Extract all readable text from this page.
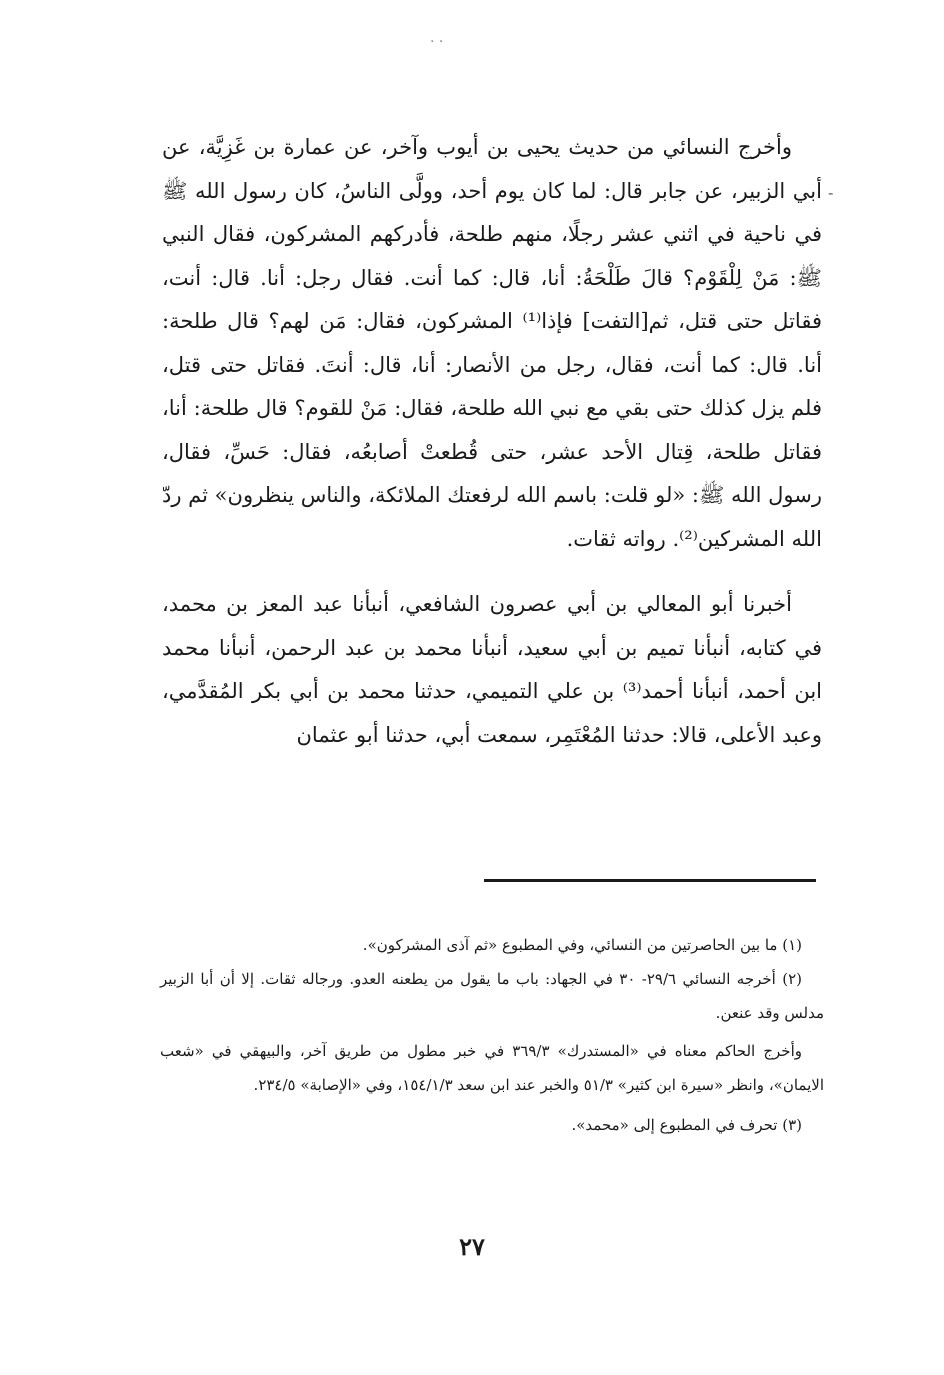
· ·
-

وأخرج النسائي من حديث يحيى بن أيوب وآخر، عن عمارة بن غَزِيَّة، عن أبي الزبير، عن جابر قال: لما كان يوم أحد، وولَّى الناسُ، كان رسول الله ﷺ في ناحية في اثني عشر رجلًا، منهم طلحة، فأدركهم المشركون، فقال النبي ﷺ: مَنْ لِلْقَوْم؟ قالَ طَلْحَةُ: أنا، قال: كما أنت. فقال رجل: أنا. قال: أنت، فقاتل حتى قتل، ثم[التفت] فإذا⁽¹⁾ المشركون، فقال: مَن لهم؟ قال طلحة: أنا. قال: كما أنت، فقال، رجل من الأنصار: أنا، قال: أنتَ. فقاتل حتى قتل، فلم يزل كذلك حتى بقي مع نبي الله طلحة، فقال: مَنْ للقوم؟ قال طلحة: أنا، فقاتل طلحة، قِتال الأحد عشر، حتى قُطعتْ أصابعُه، فقال: حَسِّ، فقال، رسول الله ﷺ: «لو قلت: باسم الله لرفعتك الملائكة، والناس ينظرون» ثم ردّ الله المشركين⁽²⁾. رواته ثقات.

أخبرنا أبو المعالي بن أبي عصرون الشافعي، أنبأنا عبد المعز بن محمد، في كتابه، أنبأنا تميم بن أبي سعيد، أنبأنا محمد بن عبد الرحمن، أنبأنا محمد ابن أحمد، أنبأنا أحمد⁽³⁾ بن علي التميمي، حدثنا محمد بن أبي بكر المُقدَّمي، وعبد الأعلى، قالا: حدثنا المُعْتَمِر، سمعت أبي، حدثنا أبو عثمان

(١) ما بين الحاصرتين من النسائي، وفي المطبوع «ثم آذى المشركون».

(٢) أخرجه النسائي ٢٩/٦- ٣٠ في الجهاد: باب ما يقول من يطعنه العدو. ورجاله ثقات. إلا أن أبا الزبير مدلس وقد عنعن.

وأخرج الحاكم معناه في «المستدرك» ٣٦٩/٣ في خبر مطول من طريق آخر، والبيهقي في «شعب الايمان»، وانظر «سيرة ابن كثير» ٥١/٣ والخبر عند ابن سعد ١٥٤/١/٣، وفي «الإصابة» ٢٣٤/٥.

(٣) تحرف في المطبوع إلى «محمد».

٢٧
